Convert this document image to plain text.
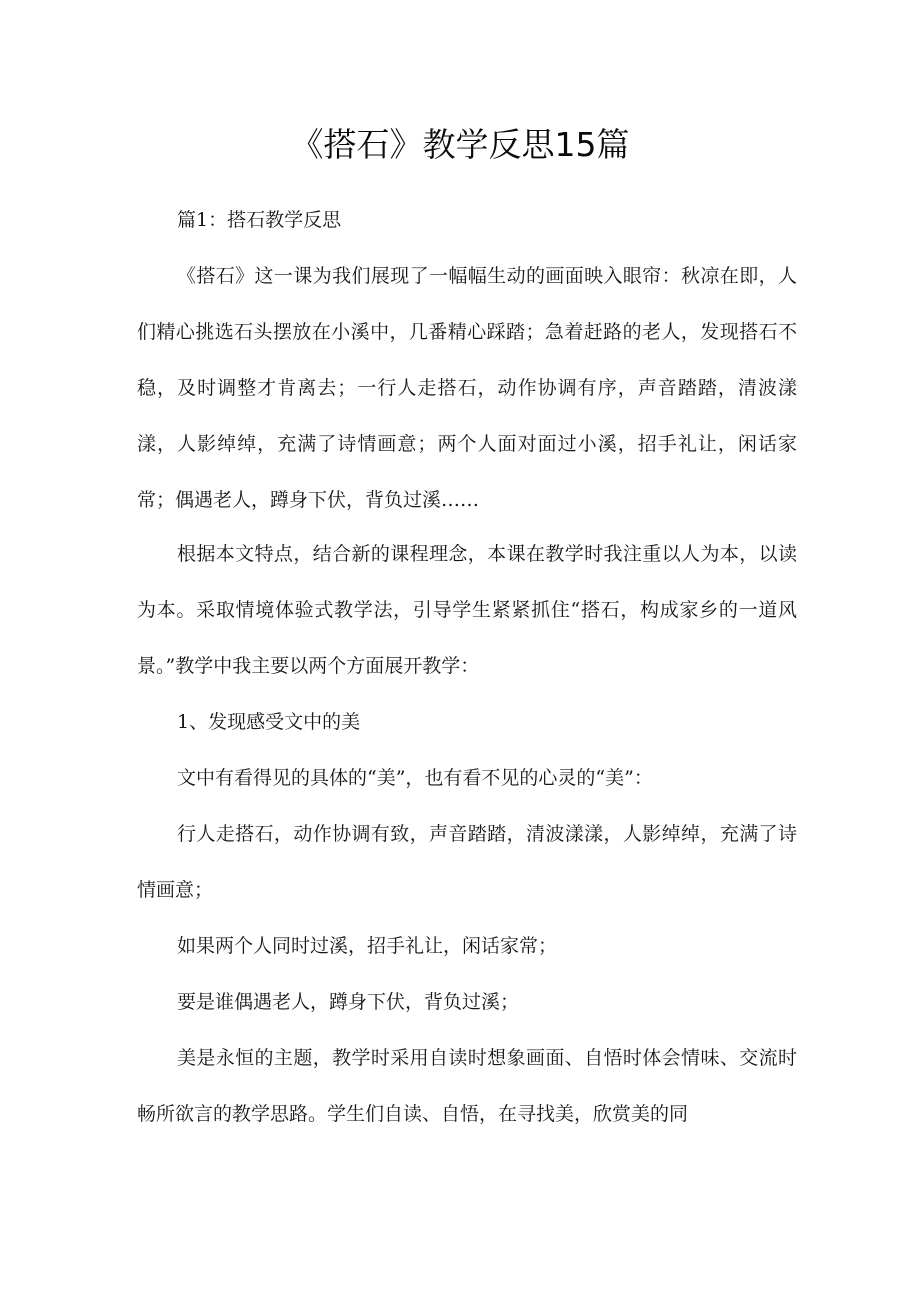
《搭石》教学反思15篇

篇1：搭石教学反思

《搭石》这一课为我们展现了一幅幅生动的画面映入眼帘：秋凉在即，人们精心挑选石头摆放在小溪中，几番精心踩踏；急着赶路的老人，发现搭石不稳，及时调整才肯离去；一行人走搭石，动作协调有序，声音踏踏，清波漾漾，人影绰绰，充满了诗情画意；两个人面对面过小溪，招手礼让，闲话家常；偶遇老人，蹲身下伏，背负过溪……

根据本文特点，结合新的课程理念，本课在教学时我注重以人为本，以读为本。采取情境体验式教学法，引导学生紧紧抓住“搭石，构成家乡的一道风景。”教学中我主要以两个方面展开教学：

1、发现感受文中的美

文中有看得见的具体的“美”，也有看不见的心灵的“美”：

行人走搭石，动作协调有致，声音踏踏，清波漾漾，人影绰绰，充满了诗情画意；

如果两个人同时过溪，招手礼让，闲话家常；

要是谁偶遇老人，蹲身下伏，背负过溪；

美是永恒的主题，教学时采用自读时想象画面、自悟时体会情味、交流时畅所欲言的教学思路。学生们自读、自悟，在寻找美，欣赏美的同
